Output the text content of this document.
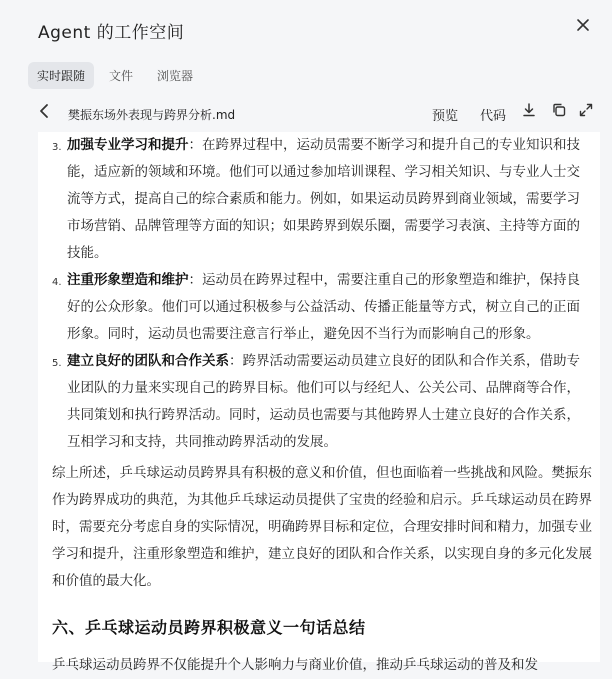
Agent 的工作空间
实时跟随	文件	浏览器
樊振东场外表现与跨界分析.md	预览 代码
3. 加强专业学习和提升：在跨界过程中，运动员需要不断学习和提升自己的专业知识和技能，适应新的领域和环境。他们可以通过参加培训课程、学习相关知识、与专业人士交流等方式，提高自己的综合素质和能力。例如，如果运动员跨界到商业领域，需要学习市场营销、品牌管理等方面的知识；如果跨界到娱乐圈，需要学习表演、主持等方面的技能。
4. 注重形象塑造和维护：运动员在跨界过程中，需要注重自己的形象塑造和维护，保持良好的公众形象。他们可以通过积极参与公益活动、传播正能量等方式，树立自己的正面形象。同时，运动员也需要注意言行举止，避免因不当行为而影响自己的形象。
5. 建立良好的团队和合作关系：跨界活动需要运动员建立良好的团队和合作关系，借助专业团队的力量来实现自己的跨界目标。他们可以与经纪人、公关公司、品牌商等合作，共同策划和执行跨界活动。同时，运动员也需要与其他跨界人士建立良好的合作关系，互相学习和支持，共同推动跨界活动的发展。
综上所述，乒乓球运动员跨界具有积极的意义和价值，但也面临着一些挑战和风险。樊振东作为跨界成功的典范，为其他乒乓球运动员提供了宝贵的经验和启示。乒乓球运动员在跨界时，需要充分考虑自身的实际情况，明确跨界目标和定位，合理安排时间和精力，加强专业学习和提升，注重形象塑造和维护，建立良好的团队和合作关系，以实现自身的多元化发展和价值的最大化。
六、乒乓球运动员跨界积极意义一句话总结
乒乓球运动员跨界不仅能提升个人影响力与商业价值，推动乒乓球运动的普及和发
